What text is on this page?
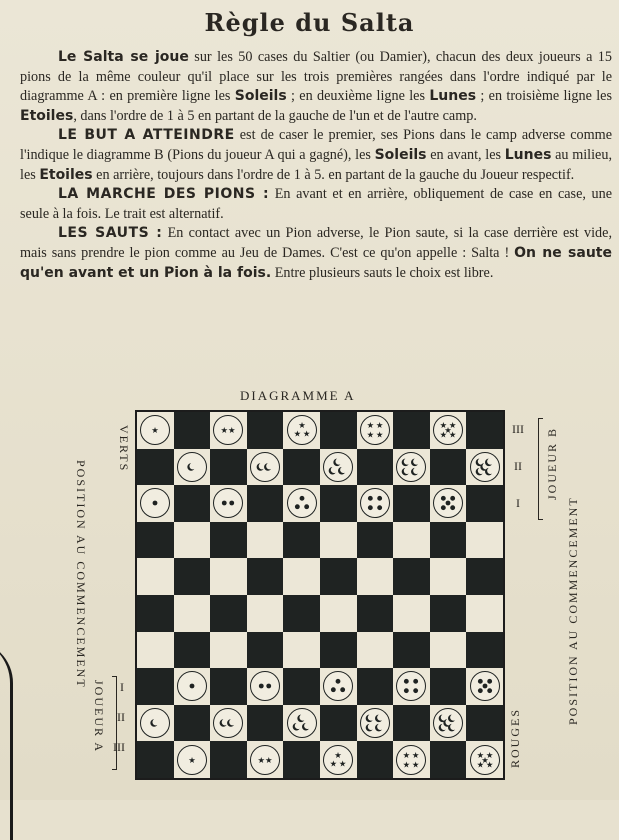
Règle du Salta

Le Salta se joue sur les 50 cases du Saltier (ou Damier), chacun des deux joueurs a 15 pions de la même couleur qu'il place sur les trois premières rangées dans l'ordre indiqué par le diagramme A : en première ligne les Soleils ; en deuxième ligne les Lunes ; en troisième ligne les Etoiles, dans l'ordre de 1 à 5 en partant de la gauche de l'un et de l'autre camp.

LE BUT A ATTEINDRE est de caser le premier, ses Pions dans le camp adverse comme l'indique le diagramme B (Pions du joueur A qui a gagné), les Soleils en avant, les Lunes au milieu, les Etoiles en arrière, toujours dans l'ordre de 1 à 5. en partant de la gauche du Joueur respectif.

LA MARCHE DES PIONS : En avant et en arrière, obliquement de case en case, une seule à la fois. Le trait est alternatif.

LES SAUTS : En contact avec un Pion adverse, le Pion saute, si la case derrière est vide, mais sans prendre le pion comme au Jeu de Dames. C'est ce qu'on appelle : Salta ! On ne saute qu'en avant et un Pion à la fois. Entre plusieurs sauts le choix est libre.

DIAGRAMME A
★	★ ★	★
★ ★
★ ★
★ ★
★ ★
★
★ ★
★	★ ★	★
★ ★
★ ★
★ ★
★ ★
★
★ ★
VERTS
POSITION AU COMMENCEMENT
JOUEUR A
JOUEUR B
POSITION AU COMMENCEMENT
ROUGES
III
II
I
I
II
III
